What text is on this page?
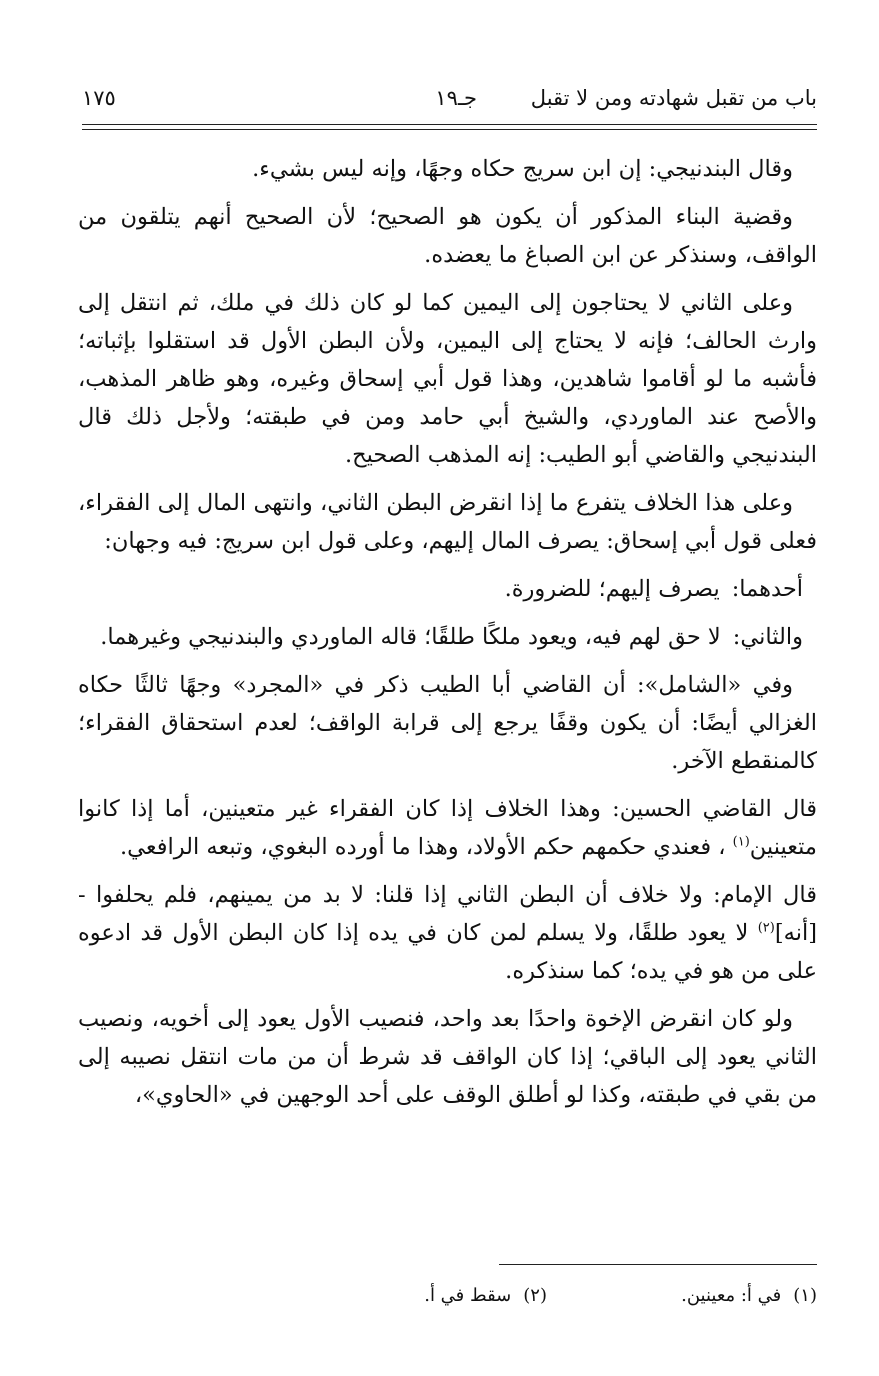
باب من تقبل شهادته ومن لا تقبل
جـ١٩
١٧٥

وقال البندنيجي: إن ابن سريج حكاه وجهًا، وإنه ليس بشيء.

وقضية البناء المذكور أن يكون هو الصحيح؛ لأن الصحيح أنهم يتلقون من الواقف، وسنذكر عن ابن الصباغ ما يعضده.

وعلى الثاني لا يحتاجون إلى اليمين كما لو كان ذلك في ملك، ثم انتقل إلى وارث الحالف؛ فإنه لا يحتاج إلى اليمين، ولأن البطن الأول قد استقلوا بإثباته؛ فأشبه ما لو أقاموا شاهدين، وهذا قول أبي إسحاق وغيره، وهو ظاهر المذهب، والأصح عند الماوردي، والشيخ أبي حامد ومن في طبقته؛ ولأجل ذلك قال البندنيجي والقاضي أبو الطيب: إنه المذهب الصحيح.

وعلى هذا الخلاف يتفرع ما إذا انقرض البطن الثاني، وانتهى المال إلى الفقراء، فعلى قول أبي إسحاق: يصرف المال إليهم، وعلى قول ابن سريج: فيه وجهان:

أحدهما:يصرف إليهم؛ للضرورة.

والثاني:لا حق لهم فيه، ويعود ملكًا طلقًا؛ قاله الماوردي والبندنيجي وغيرهما.

وفي «الشامل»: أن القاضي أبا الطيب ذكر في «المجرد» وجهًا ثالثًا حكاه الغزالي أيضًا: أن يكون وقفًا يرجع إلى قرابة الواقف؛ لعدم استحقاق الفقراء؛ كالمنقطع الآخر.

قال القاضي الحسين: وهذا الخلاف إذا كان الفقراء غير متعينين، أما إذا كانوا متعينين$^{(١)}$ ، فعندي حكمهم حكم الأولاد، وهذا ما أورده البغوي، وتبعه الرافعي.

قال الإمام: ولا خلاف أن البطن الثاني إذا قلنا: لا بد من يمينهم، فلم يحلفوا - [أنه]$^{(٢)}$ لا يعود طلقًا، ولا يسلم لمن كان في يده إذا كان البطن الأول قد ادعوه على من هو في يده؛ كما سنذكره.

ولو كان انقرض الإخوة واحدًا بعد واحد، فنصيب الأول يعود إلى أخويه، ونصيب الثاني يعود إلى الباقي؛ إذا كان الواقف قد شرط أن من مات انتقل نصيبه إلى من بقي في طبقته، وكذا لو أطلق الوقف على أحد الوجهين في «الحاوي»،

(١)في أ: معينين.
(٢)سقط في أ.
